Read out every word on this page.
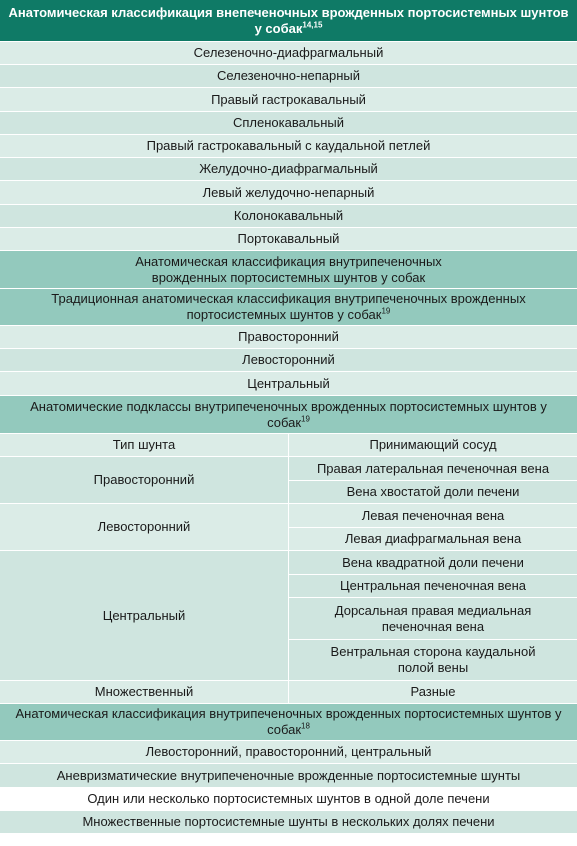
Анатомическая классификация внепеченочных врожденных портосистемных шунтов у собак$^{14,15}$
Селезеночно-диафрагмальный
Селезеночно-непарный
Правый гастрокавальный
Спленокавальный
Правый гастрокавальный с каудальной петлей
Желудочно-диафрагмальный
Левый желудочно-непарный
Колонокавальный
Портокавальный
Анатомическая классификация внутрипеченочных
врожденных портосистемных шунтов у собак
Традиционная анатомическая классификация внутрипеченочных врожденных портосистемных шунтов у собак$^{19}$
Правосторонний
Левосторонний
Центральный
Анатомические подклассы внутрипеченочных врожденных портосистемных шунтов у собак$^{19}$
Тип шунта	Принимающий сосуд
Правосторонний
Правая латеральная печеночная вена
Вена хвостатой доли печени
Левосторонний
Левая печеночная вена
Левая диафрагмальная вена
Центральный
Вена квадратной доли печени
Центральная печеночная вена
Дорсальная правая медиальная печеночная вена
Вентральная сторона каудальной полой вены
Множественный	Разные
Анатомическая классификация внутрипеченочных врожденных портосистемных шунтов у собак$^{18}$
Левосторонний, правосторонний, центральный
Аневризматические внутрипеченочные врожденные портосистемные шунты
Один или несколько портосистемных шунтов в одной доле печени
Множественные портосистемные шунты в нескольких долях печени
